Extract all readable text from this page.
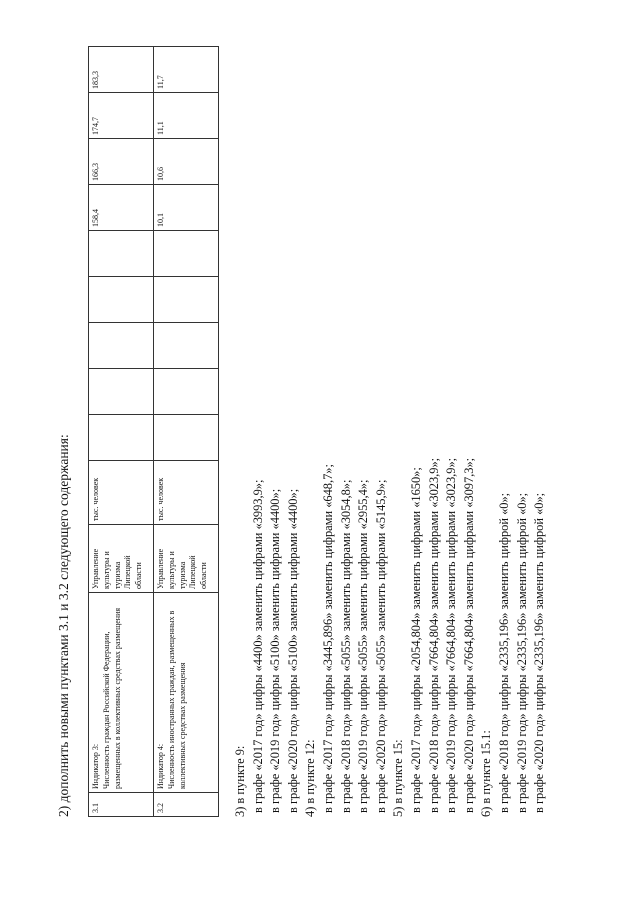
2) дополнить новыми пунктами 3.1 и 3.2 следующего содержания:	3.1	Индикатор 3:
Численность граждан Российской Федерации, размещенных в коллективных средствах размещения	Управление культуры и туризма Липецкой области	тыс. человек						158,4	166,3	174,7	183,3
3.2	Индикатор 4:
Численность иностранных граждан, размещенных в коллективных средствах размещения	Управление культуры и туризма Липецкой области	тыс. человек						10,1	10,6	11,1	11,7
3) в пункте 9: в графе «2017 год» цифры «4400» заменить цифрами «3993,9»; в графе «2019 год» цифры «5100» заменить цифрами «4400»; в графе «2020 год» цифры «5100» заменить цифрами «4400»; 4) в пункте 12: в графе «2017 год» цифры «3445,896» заменить цифрами «648,7»; в графе «2018 год» цифры «5055» заменить цифрами «3054,8»; в графе «2019 год» цифры «5055» заменить цифрами «2955,4»; в графе «2020 год» цифры «5055» заменить цифрами «5145,9»; 5) в пункте 15: в графе «2017 год» цифры «2054,804» заменить цифрами «1650»; в графе «2018 год» цифры «7664,804» заменить цифрами «3023,9»; в графе «2019 год» цифры «7664,804» заменить цифрами «3023,9»; в графе «2020 год» цифры «7664,804» заменить цифрами «3097,3»; 6) в пункте 15.1: в графе «2018 год» цифры «2335,196» заменить цифрой «0»; в графе «2019 год» цифры «2335,196» заменить цифрой «0»; в графе «2020 год» цифры «2335,196» заменить цифрой «0»;
